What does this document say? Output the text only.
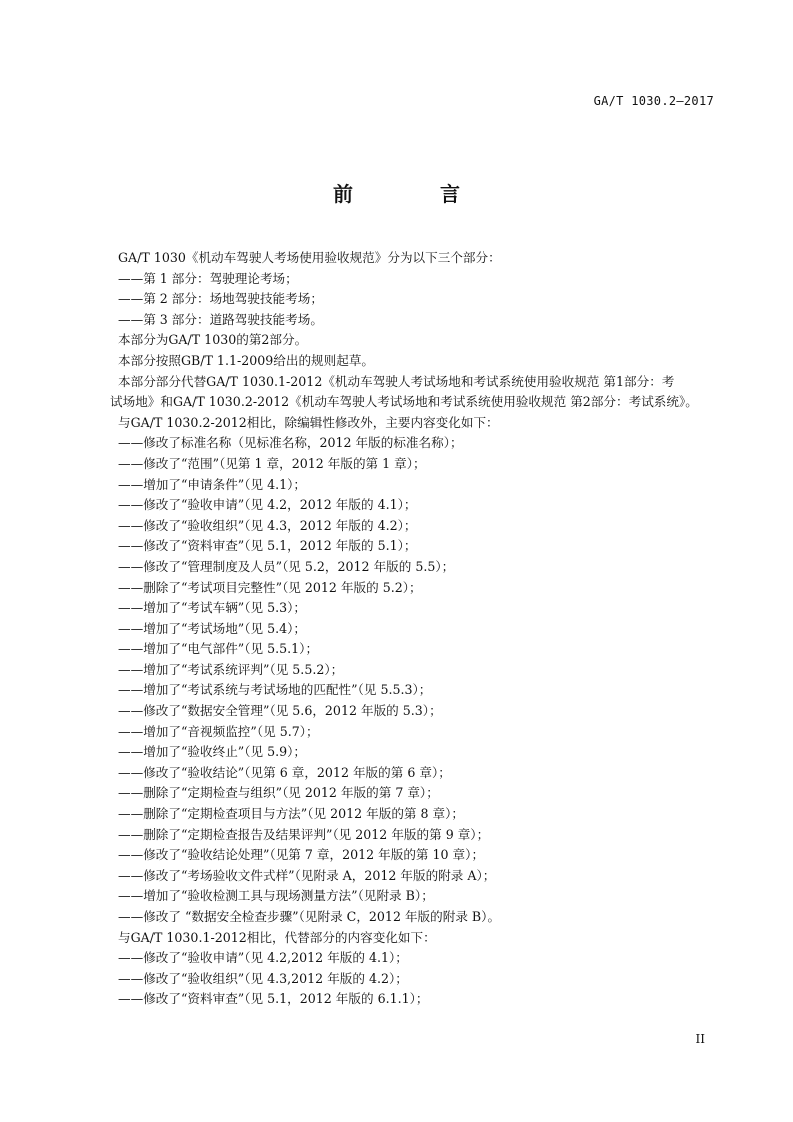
GA/T 1030.2—2017
前 言
GA/T 1030《机动车驾驶人考场使用验收规范》分为以下三个部分：
——第 1 部分：驾驶理论考场；
——第 2 部分：场地驾驶技能考场；
——第 3 部分：道路驾驶技能考场。
本部分为GA/T 1030的第2部分。
本部分按照GB/T 1.1-2009给出的规则起草。
本部分部分代替GA/T 1030.1-2012《机动车驾驶人考试场地和考试系统使用验收规范 第1部分：考
试场地》和GA/T 1030.2-2012《机动车驾驶人考试场地和考试系统使用验收规范 第2部分：考试系统》。
与GA/T 1030.2-2012相比，除编辑性修改外，主要内容变化如下：
——修改了标准名称（见标准名称，2012 年版的标准名称）；
——修改了“范围”（见第 1 章，2012 年版的第 1 章）；
——增加了“申请条件”（见 4.1）；
——修改了“验收申请”（见 4.2，2012 年版的 4.1）；
——修改了“验收组织”（见 4.3，2012 年版的 4.2）；
——修改了“资料审查”（见 5.1，2012 年版的 5.1）；
——修改了“管理制度及人员”（见 5.2，2012 年版的 5.5）；
——删除了“考试项目完整性”（见 2012 年版的 5.2）；
——增加了“考试车辆”（见 5.3）；
——增加了“考试场地”（见 5.4）；
——增加了“电气部件”（见 5.5.1）；
——增加了“考试系统评判”（见 5.5.2）；
——增加了“考试系统与考试场地的匹配性”（见 5.5.3）；
——修改了“数据安全管理”（见 5.6，2012 年版的 5.3）；
——增加了“音视频监控”（见 5.7）；
——增加了“验收终止”（见 5.9）；
——修改了“验收结论”（见第 6 章，2012 年版的第 6 章）；
——删除了“定期检查与组织”（见 2012 年版的第 7 章）；
——删除了“定期检查项目与方法”（见 2012 年版的第 8 章）；
——删除了“定期检查报告及结果评判”（见 2012 年版的第 9 章）；
——修改了“验收结论处理”（见第 7 章，2012 年版的第 10 章）；
——修改了“考场验收文件式样”（见附录 A，2012 年版的附录 A）；
——增加了“验收检测工具与现场测量方法”（见附录 B）；
——修改了 “数据安全检查步骤”（见附录 C，2012 年版的附录 B）。
与GA/T 1030.1-2012相比，代替部分的内容变化如下：
——修改了“验收申请”（见 4.2,2012 年版的 4.1）；
——修改了“验收组织”（见 4.3,2012 年版的 4.2）；
——修改了“资料审查”（见 5.1，2012 年版的 6.1.1）；
II
